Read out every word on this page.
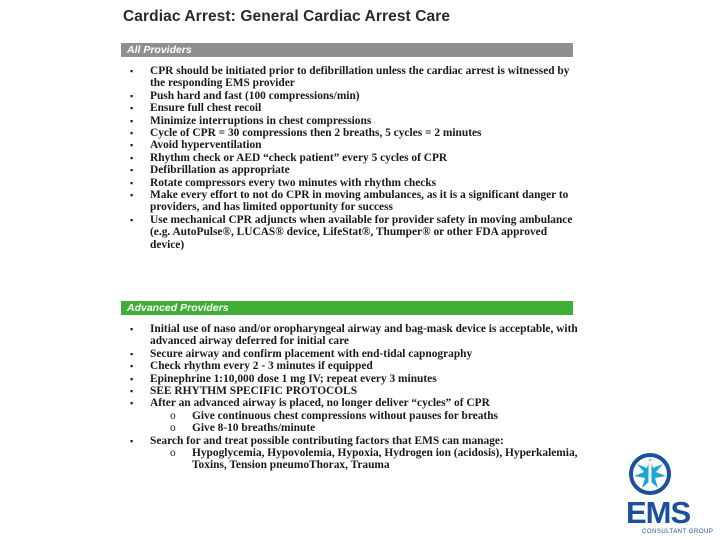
Cardiac Arrest: General Cardiac Arrest Care
All Providers
▪	CPR should be initiated prior to defibrillation unless the cardiac arrest is witnessed by the responding EMS provider
▪	Push hard and fast (100 compressions/min)
▪	Ensure full chest recoil
▪	Minimize interruptions in chest compressions
▪	Cycle of CPR = 30 compressions then 2 breaths, 5 cycles = 2 minutes
▪	Avoid hyperventilation
▪	Rhythm check or AED “check patient” every 5 cycles of CPR
▪	Defibrillation as appropriate
▪	Rotate compressors every two minutes with rhythm checks
▪	Make every effort to not do CPR in moving ambulances, as it is a significant danger to providers, and has limited opportunity for success
▪	Use mechanical CPR adjuncts when available for provider safety in moving ambulance (e.g. AutoPulse®, LUCAS® device, LifeStat®, Thumper® or other FDA approved device)
Advanced Providers
▪	Initial use of naso and/or oropharyngeal airway and bag-mask device is acceptable, with advanced airway deferred for initial care
▪	Secure airway and confirm placement with end-tidal capnography
▪	Check rhythm every 2 - 3 minutes if equipped
▪	Epinephrine 1:10,000 dose 1 mg IV; repeat every 3 minutes
▪	SEE RHYTHM SPECIFIC PROTOCOLS
▪	After an advanced airway is placed, no longer deliver “cycles” of CPR
o Give continuous chest compressions without pauses for breaths
o Give 8-10 breaths/minute
▪	Search for and treat possible contributing factors that EMS can manage:
o Hypoglycemia, Hypovolemia, Hypoxia, Hydrogen ion (acidosis), Hyperkalemia, Toxins, Tension pneumoThorax, Trauma
EMS
CONSULTANT GROUP
